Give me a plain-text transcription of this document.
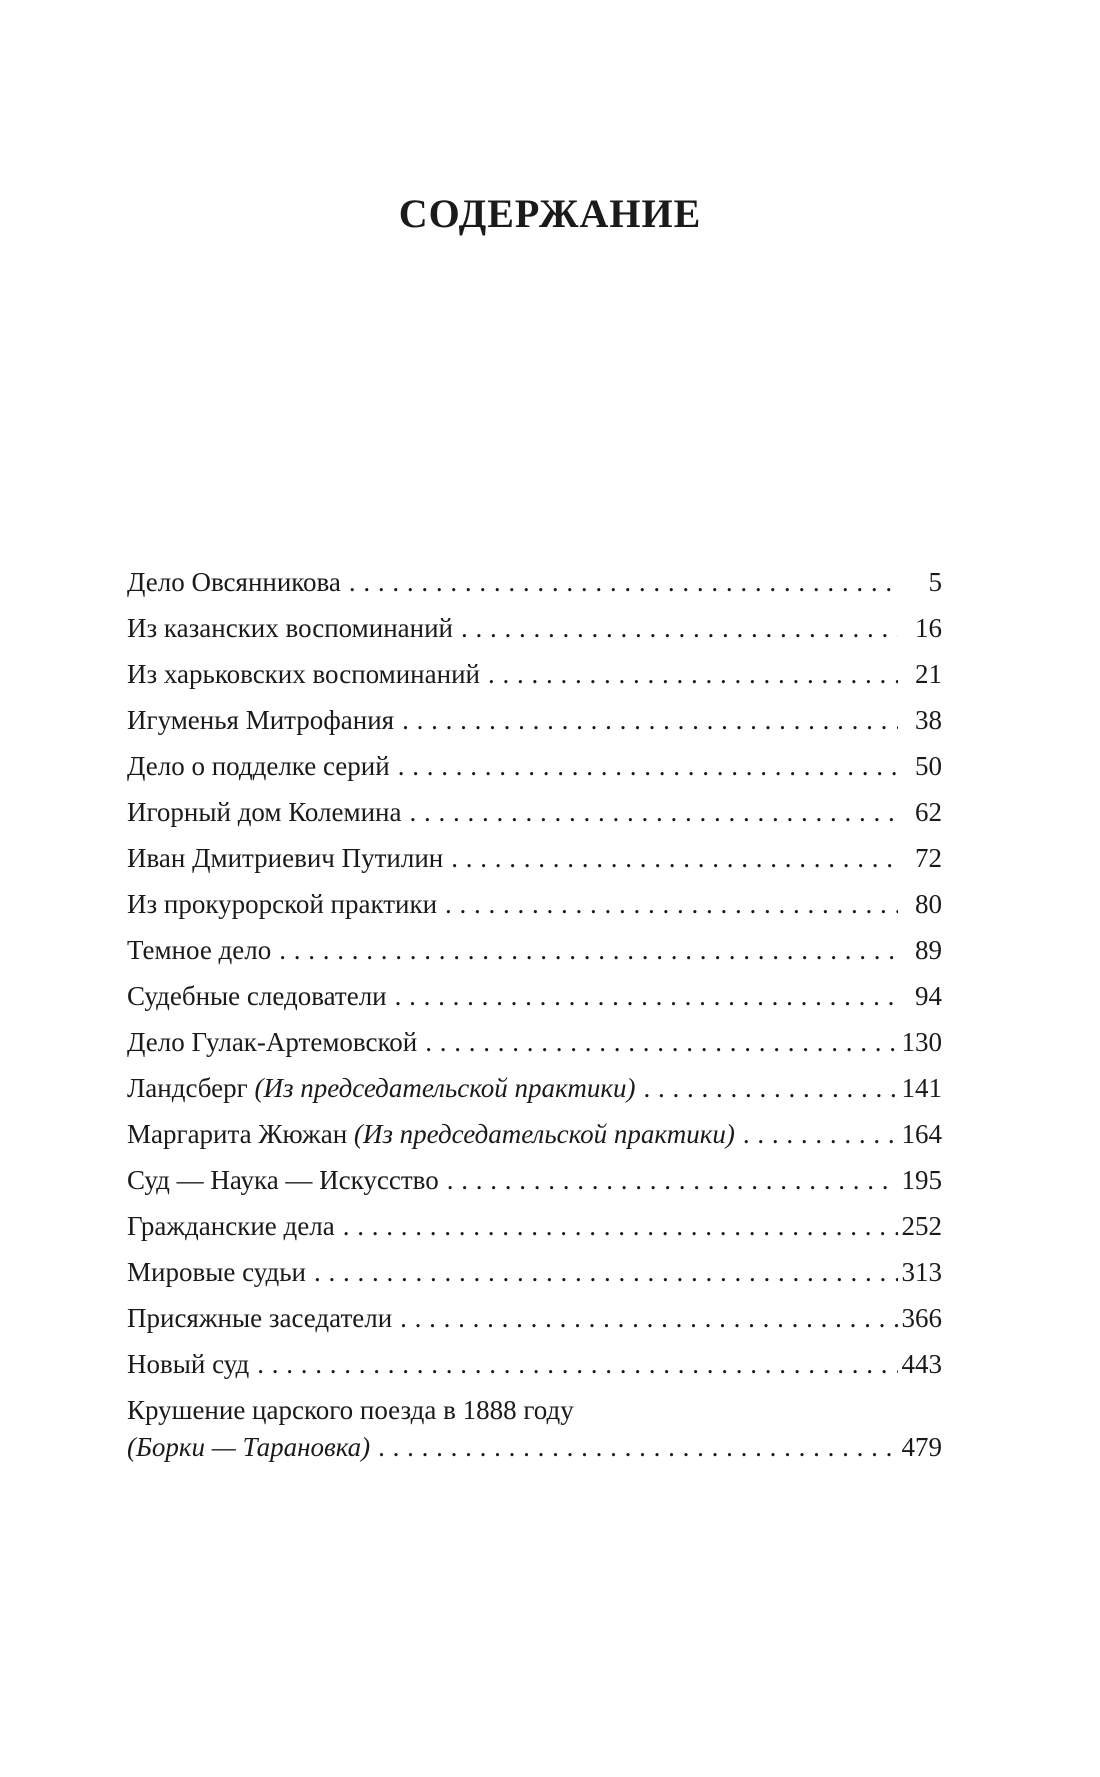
СОДЕРЖАНИЕ
Дело Овсянникова . . .	5
Из казанских воспоминаний . . .	16
Из харьковских воспоминаний . . .	21
Игуменья Митрофания . . .	38
Дело о подделке серий . . .	50
Игорный дом Колемина . . .	62
Иван Дмитриевич Путилин . . .	72
Из прокурорской практики . . .	80
Темное дело . . .	89
Судебные следователи . . .	94
Дело Гулак-Артемовской . . .	130
Ландсберг (Из председательской практики) . . .	141
Маргарита Жюжан (Из председательской практики) . . .	164
Суд — Наука — Искусство . . .	195
Гражданские дела . . .	252
Мировые судьи . . .	313
Присяжные заседатели . . .	366
Новый суд . . .	443
Крушение царского поезда в 1888 году
(Борки — Тарановка) . . .	479
